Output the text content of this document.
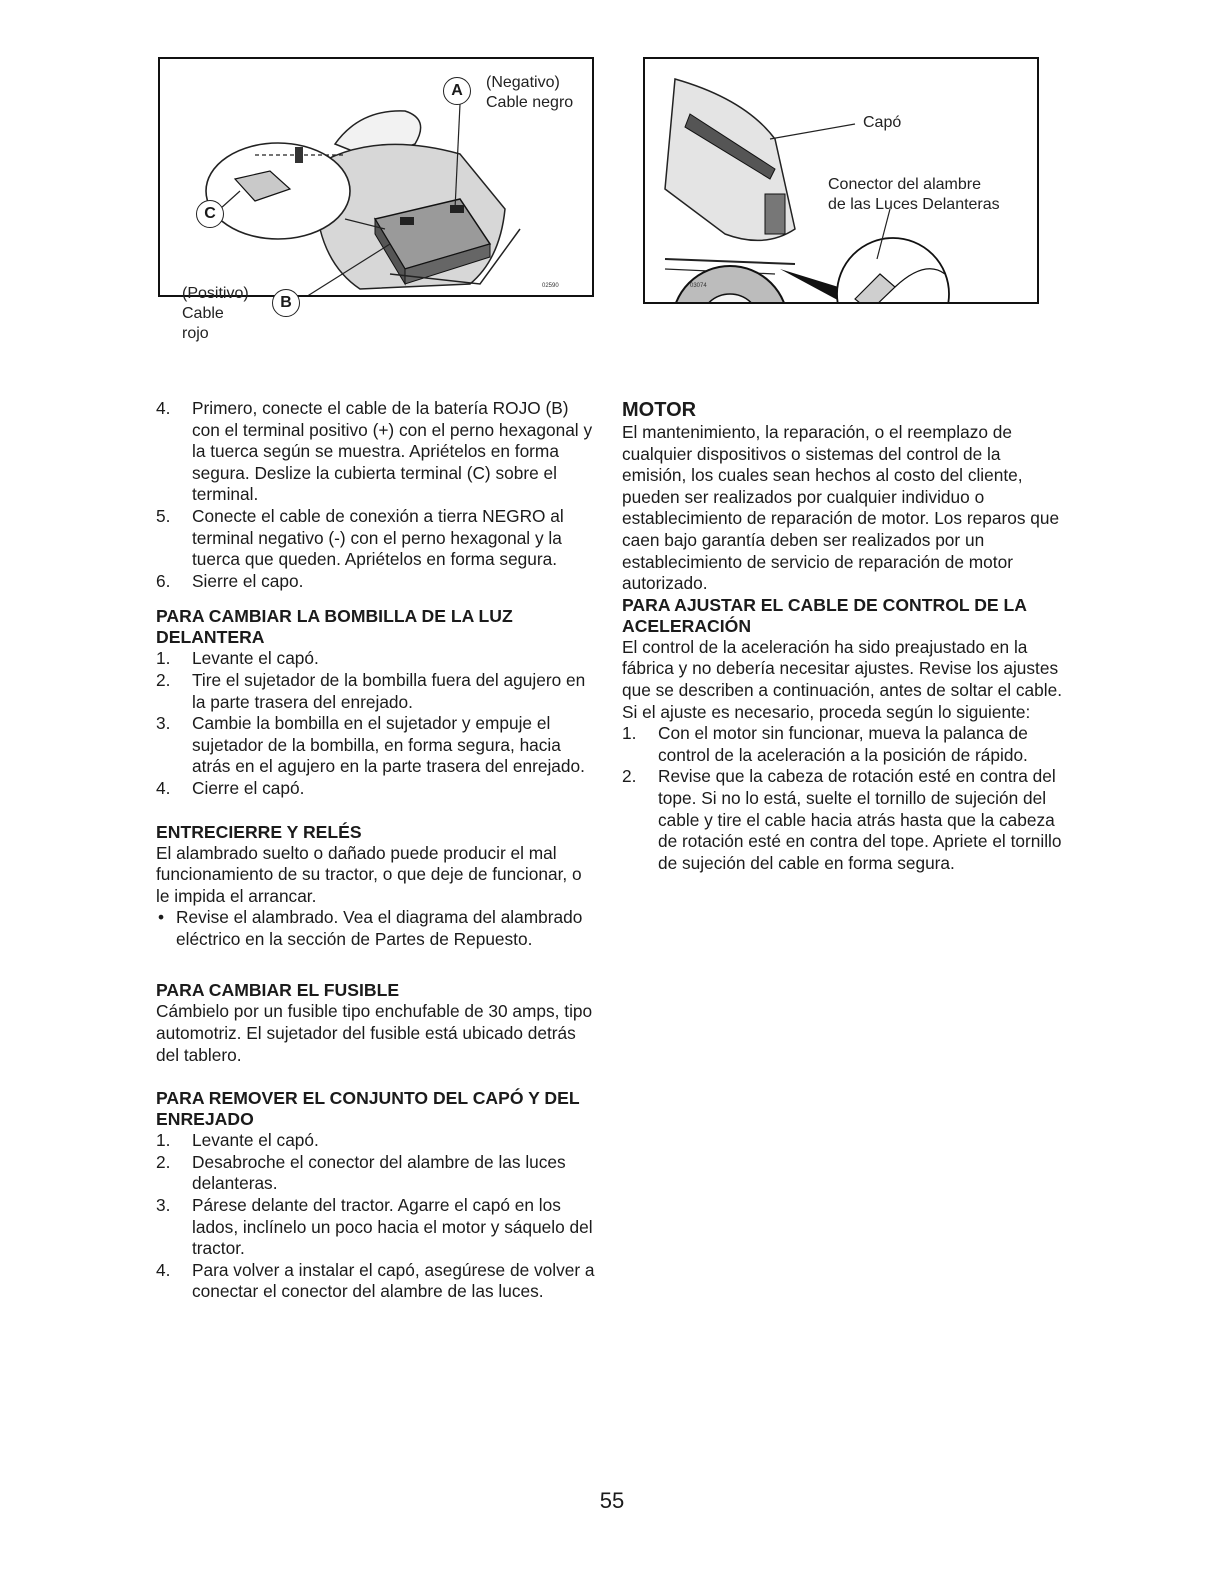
02590
A	(Negativo)
Cable negro
C
(Positivo)
Cable
rojo
B
03074
Capó
Conector del alambre
de las Luces Delanteras
4.	Primero, conecte el cable de la batería ROJO (B) con el terminal positivo (+) con el perno hexagonal y la tuerca según se muestra. Apriételos en forma segura. Deslize la cubierta terminal (C) sobre el terminal.
5.	Conecte el cable de conexión a tierra NEGRO al terminal negativo (-) con el perno hexagonal y la tuerca que queden. Apriételos en forma segura.
6.	Sierre el capo.
PARA CAMBIAR LA BOMBILLA DE LA LUZ DELANTERA
1.	Levante el capó.
2.	Tire el sujetador de la bombilla fuera del agujero en la parte trasera del enrejado.
3.	Cambie la bombilla en el sujetador y empuje el sujetador de la bombilla, en forma segura, hacia atrás en el agujero en la parte trasera del enrejado.
4.	Cierre el capó.
ENTRECIERRE Y RELÉS

El alambrado suelto o dañado puede producir el mal funcionamiento de su tractor, o que deje de funcionar, o le impida el arrancar.

• Revise el alambrado. Vea el diagrama del alambrado eléctrico en la sección de Partes de Repuesto.
PARA CAMBIAR EL FUSIBLE

Cámbielo por un fusible tipo enchufable de 30 amps, tipo automotriz. El sujetador del fusible está ubicado detrás del tablero.

PARA REMOVER EL CONJUNTO DEL CAPÓ Y DEL ENREJADO
1.	Levante el capó.
2.	Desabroche el conector del alambre de las luces delanteras.
3.	Párese delante del tractor. Agarre el capó en los lados, inclínelo un poco hacia el motor y sáquelo del tractor.
4.	Para volver a instalar el capó, asegúrese de volver a conectar el conector del alambre de las luces.
MOTOR

El mantenimiento, la reparación, o el reemplazo de cualquier dispositivos o sistemas del control de la emisión, los cuales sean hechos al costo del cliente, pueden ser realizados por cualquier individuo o establecimiento de reparación de motor. Los reparos que caen bajo garantía deben ser realizados por un establecimiento de servicio de reparación de motor autorizado.

PARA AJUSTAR EL CABLE DE CONTROL DE LA ACELERACIÓN

El control de la aceleración ha sido preajustado en la fábrica y no debería necesitar ajustes. Revise los ajustes que se describen a continuación, antes de soltar el cable. Si el ajuste es necesario, proceda según lo siguiente:

1.	Con el motor sin funcionar, mueva la palanca de control de la aceleración a la posición de rápido.
2.	Revise que la cabeza de rotación esté en contra del tope. Si no lo está, suelte el tornillo de sujeción del cable y tire el cable hacia atrás hasta que la cabeza de rotación esté en contra del tope. Apriete el tornillo de sujeción del cable en forma segura.
55
